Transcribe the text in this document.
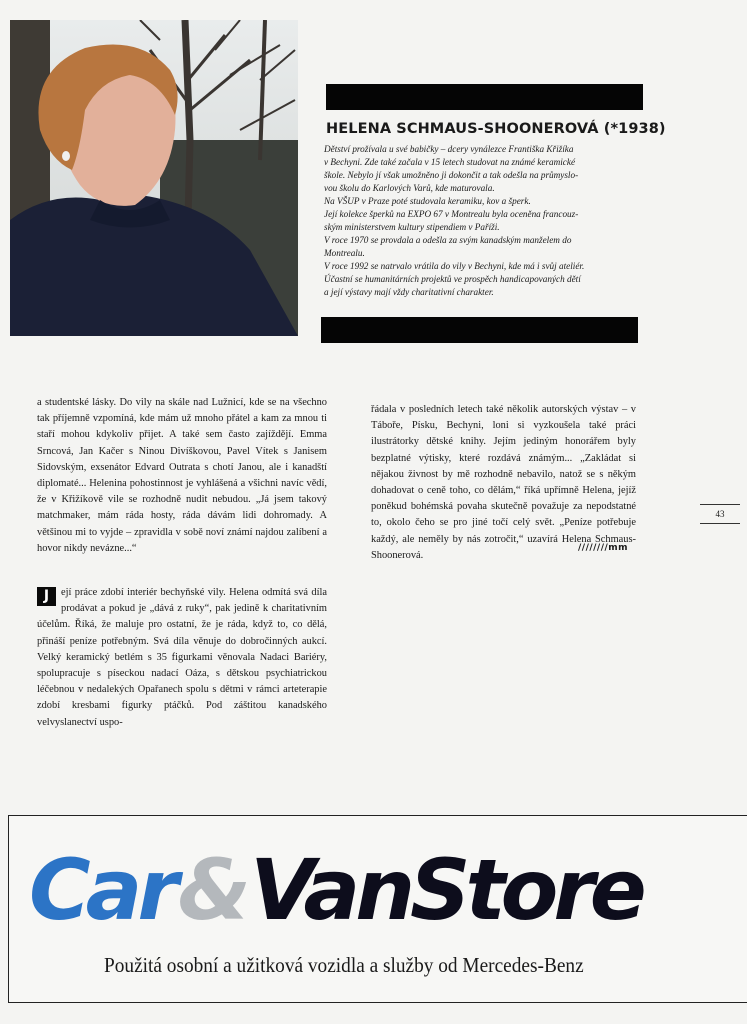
HELENA SCHMAUS-SHOONEROVÁ (*1938)

Dětství prožívala u své babičky – dcery vynálezce Františka Křižíka

v Bechyni. Zde také začala v 15 letech studovat na známé keramické

škole. Nebylo jí však umožněno ji dokončit a tak odešla na průmyslo-

vou školu do Karlových Varů, kde maturovala.

Na VŠUP v Praze poté studovala keramiku, kov a šperk.

Její kolekce šperků na EXPO 67 v Montrealu byla oceněna francouz-

ským ministerstvem kultury stipendiem v Paříži.

V roce 1970 se provdala a odešla za svým kanadským manželem do

Montrealu.

V roce 1992 se natrvalo vrátila do vily v Bechyni, kde má i svůj ateliér.

Účastní se humanitárních projektů ve prospěch handicapovaných dětí

a její výstavy mají vždy charitativní charakter.

a studentské lásky. Do vily na skále nad Lužnicí, kde se na všechno tak příjemně vzpomíná, kde mám už mnoho přátel a kam za mnou ti staří mohou kdykoliv přijet. A také sem často zajíždějí. Emma Srncová, Jan Kačer s Ninou Divíškovou, Pavel Vítek s Janisem Sidovským, exsenátor Edvard Outrata s chotí Janou, ale i kanadští diplomaté... Helenina pohostinnost je vyhlášená a všichni navíc vědí, že v Křižíkově vile se rozhodně nudit nebudou. „Já jsem takový matchmaker, mám ráda hosty, ráda dávám lidi dohromady. A většinou mi to vyjde – zpravidla v sobě noví známí najdou zalíbení a hovor nikdy nevázne...“

řádala v posledních letech také několik autorských výstav – v Táboře, Písku, Bechyni, loni si vyzkoušela také práci ilustrátorky dětské knihy. Jejím jediným honorářem byly bezplatné výtisky, které rozdává známým... „Zakládat si nějakou živnost by mě rozhodně nebavilo, natož se s někým dohadovat o ceně toho, co dělám,“ říká upřímně Helena, jejíž poněkud bohémská povaha skutečně považuje za nepodstatné to, okolo čeho se pro jiné točí celý svět. „Peníze potřebuje každý, ale neměly by nás zotročit,“ uzavírá Helena Schmaus-Shoonerová.

////////mm

J	ejí práce zdobí interiér bechyňské vily. Helena odmítá svá díla prodávat a pokud je „dává z ruky“, pak jedině k charitativním účelům. Říká, že maluje pro ostatní, že je ráda, když to, co dělá, přináší peníze potřebným. Svá díla věnuje do dobročinných aukcí. Velký keramický betlém s 35 figurkami věnovala Nadaci Bariéry, spolupracuje s píseckou nadací Oáza, s dětskou psychiatrickou léčebnou v nedalekých Opařanech spolu s dětmi v rámci arteterapie zdobí kresbami figurky ptáčků. Pod záštitou kanadského velvyslanectví uspo-

43
Car&VanStore
Použitá osobní a užitková vozidla a služby od Mercedes-Benz
